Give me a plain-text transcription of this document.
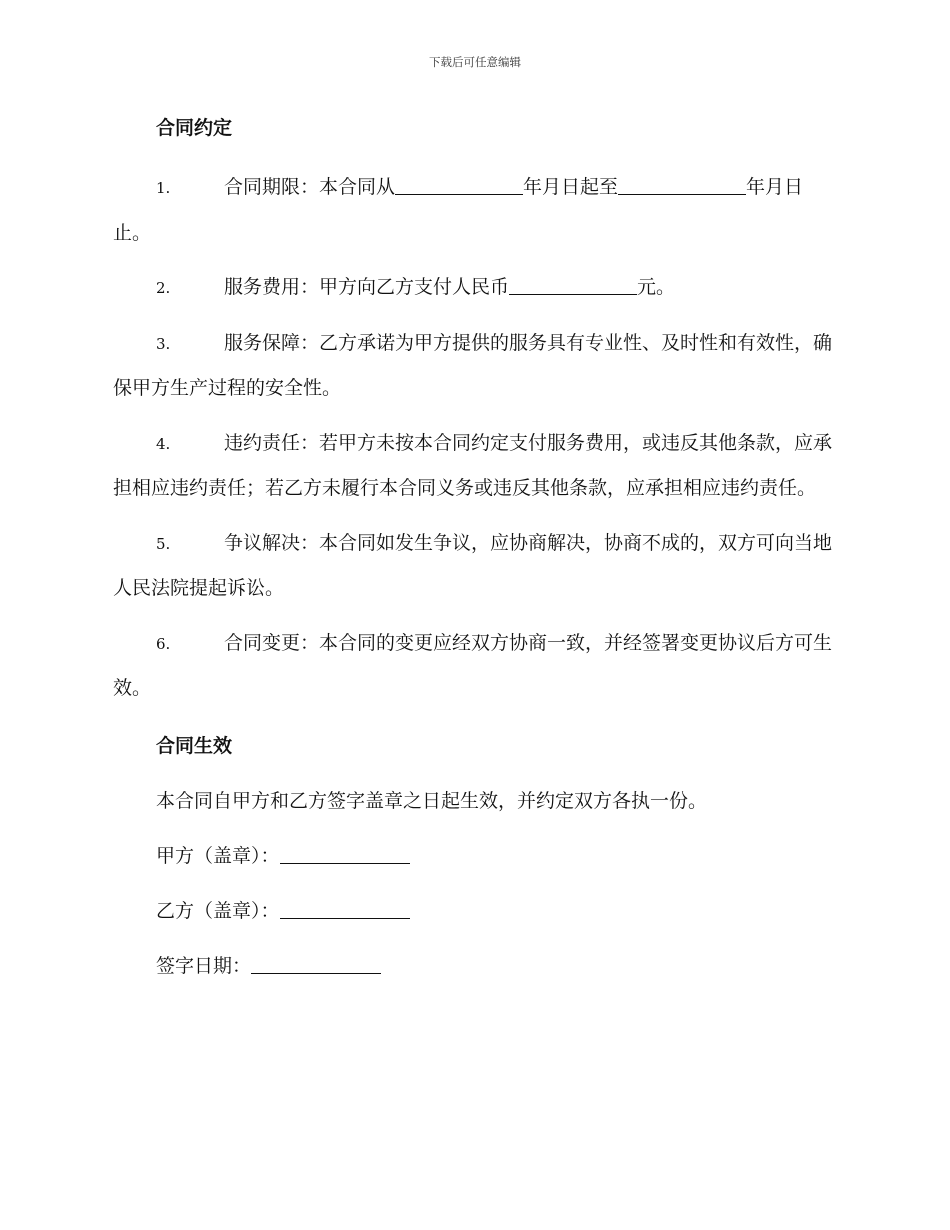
下载后可任意编辑
合同约定

1.	合同期限：本合同从	年月日起至	年月日止。

2.	服务费用：甲方向乙方支付人民币	元。

3.	服务保障：乙方承诺为甲方提供的服务具有专业性、及时性和有效性，确保甲方生产过程的安全性。

4.	违约责任：若甲方未按本合同约定支付服务费用，或违反其他条款，应承担相应违约责任；若乙方未履行本合同义务或违反其他条款，应承担相应违约责任。

5.	争议解决：本合同如发生争议，应协商解决，协商不成的，双方可向当地人民法院提起诉讼。

6.	合同变更：本合同的变更应经双方协商一致，并经签署变更协议后方可生效。

合同生效

本合同自甲方和乙方签字盖章之日起生效，并约定双方各执一份。

甲方（盖章）：

乙方（盖章）：

签字日期：
